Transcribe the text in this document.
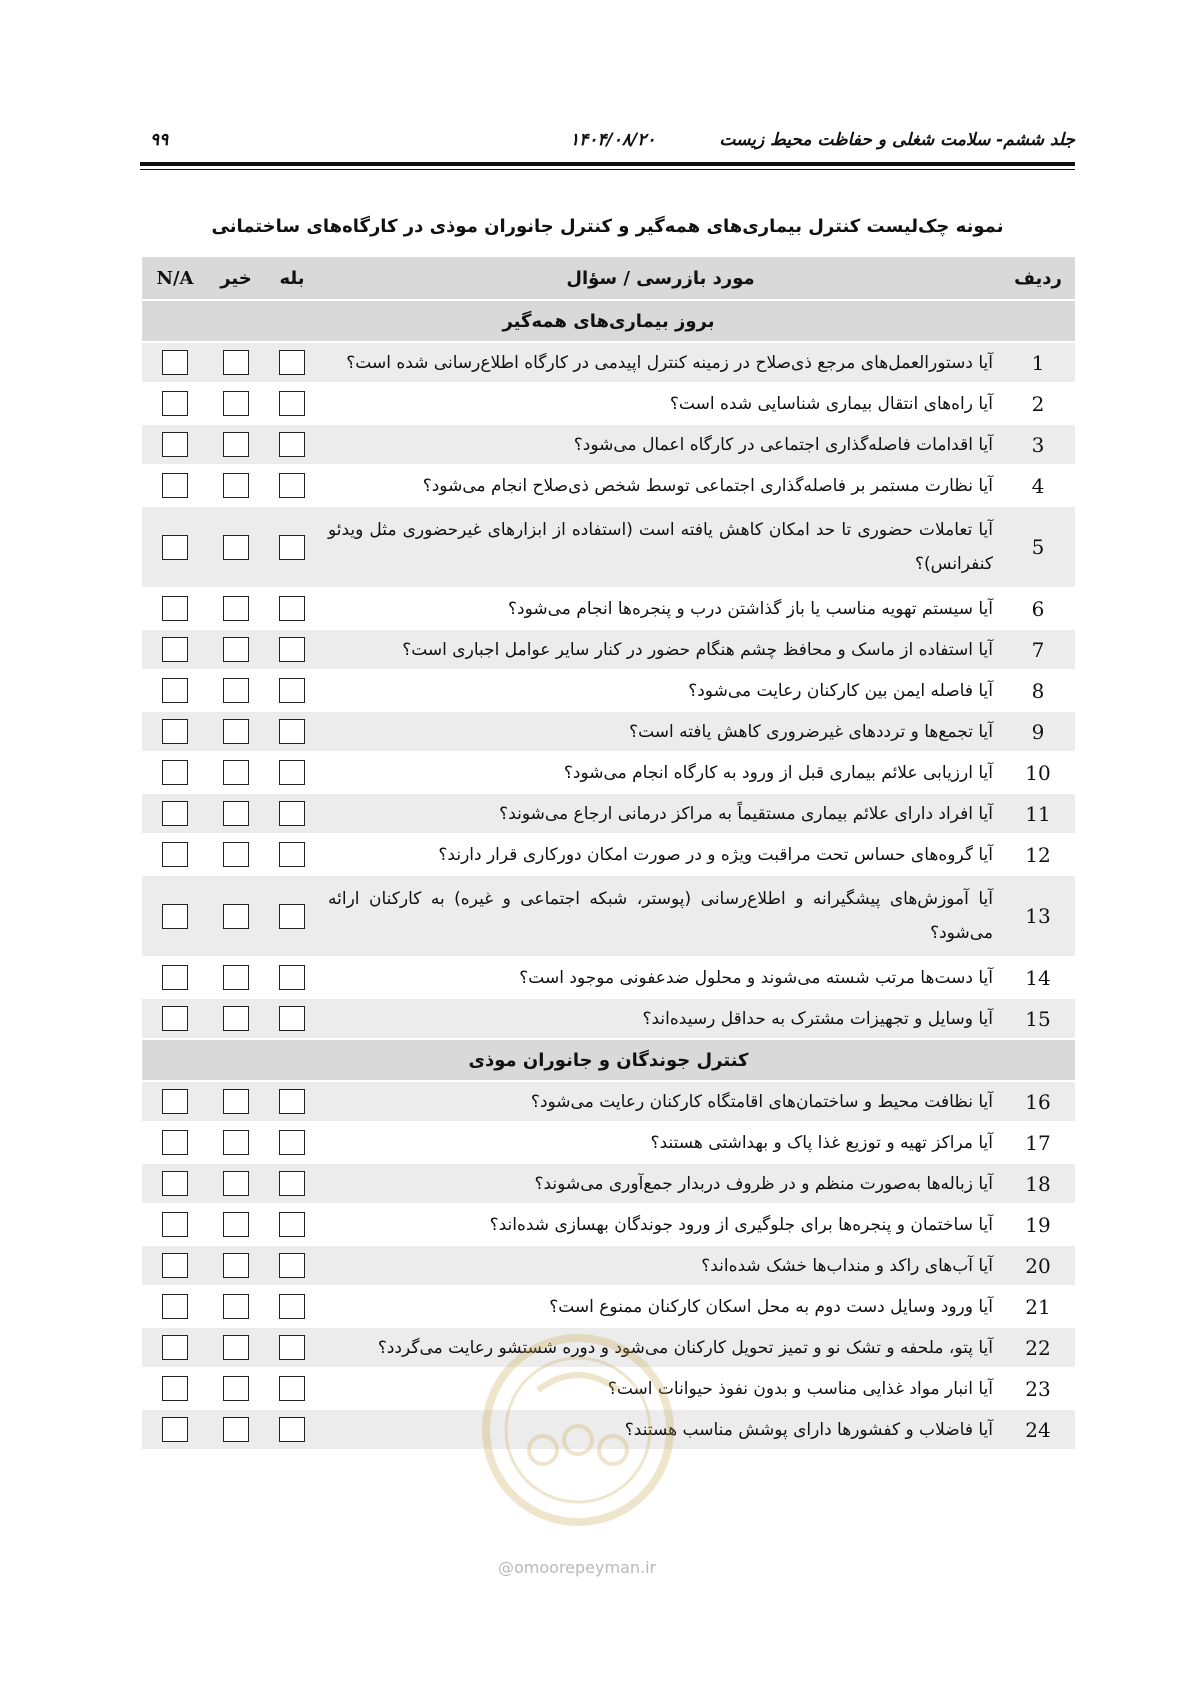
جلد ششم- سلامت شغلی و حفاظت محیط زیست
۱۴۰۴/۰۸/۲۰
۹۹
نمونه چک‌لیست کنترل بیماری‌های همه‌گیر و کنترل جانوران موذی در کارگاه‌های ساختمانی
ردیف	مورد بازرسی / سؤال	بله	خیر	N/A
بروز بیماری‌های همه‌گیر				
1	آیا دستورالعمل‌های مرجع ذی‌صلاح در زمینه کنترل اپیدمی در کارگاه اطلاع‌رسانی شده است؟			
2	آیا راه‌های انتقال بیماری شناسایی شده است؟			
3	آیا اقدامات فاصله‌گذاری اجتماعی در کارگاه اعمال می‌شود؟			
4	آیا نظارت مستمر بر فاصله‌گذاری اجتماعی توسط شخص ذی‌صلاح انجام می‌شود؟			
5	آیا تعاملات حضوری تا حد امکان کاهش یافته است (استفاده از ابزارهای غیرحضوری مثل ویدئو کنفرانس)؟			
6	آیا سیستم تهویه مناسب یا باز گذاشتن درب و پنجره‌ها انجام می‌شود؟			
7	آیا استفاده از ماسک و محافظ چشم هنگام حضور در کنار سایر عوامل اجباری است؟			
8	آیا فاصله ایمن بین کارکنان رعایت می‌شود؟			
9	آیا تجمع‌ها و ترددهای غیرضروری کاهش یافته است؟			
10	آیا ارزیابی علائم بیماری قبل از ورود به کارگاه انجام می‌شود؟			
11	آیا افراد دارای علائم بیماری مستقیماً به مراکز درمانی ارجاع می‌شوند؟			
12	آیا گروه‌های حساس تحت مراقبت ویژه و در صورت امکان دورکاری قرار دارند؟			
13	آیا آموزش‌های پیشگیرانه و اطلاع‌رسانی (پوستر، شبکه اجتماعی و غیره) به کارکنان ارائه می‌شود؟			
14	آیا دست‌ها مرتب شسته می‌شوند و محلول ضدعفونی موجود است؟			
15	آیا وسایل و تجهیزات مشترک به حداقل رسیده‌اند؟			
کنترل جوندگان و جانوران موذی				
16	آیا نظافت محیط و ساختمان‌های اقامتگاه کارکنان رعایت می‌شود؟			
17	آیا مراکز تهیه و توزیع غذا پاک و بهداشتی هستند؟			
18	آیا زباله‌ها به‌صورت منظم و در ظروف دربدار جمع‌آوری می‌شوند؟			
19	آیا ساختمان و پنجره‌ها برای جلوگیری از ورود جوندگان بهسازی شده‌اند؟			
20	آیا آب‌های راکد و منداب‌ها خشک شده‌اند؟			
21	آیا ورود وسایل دست دوم به محل اسکان کارکنان ممنوع است؟			
22	آیا پتو، ملحفه و تشک نو و تمیز تحویل کارکنان می‌شود و دوره شستشو رعایت می‌گردد؟			
23	آیا انبار مواد غذایی مناسب و بدون نفوذ حیوانات است؟			
24	آیا فاضلاب و کفشورها دارای پوشش مناسب هستند؟			
@omoorepeyman.ir
